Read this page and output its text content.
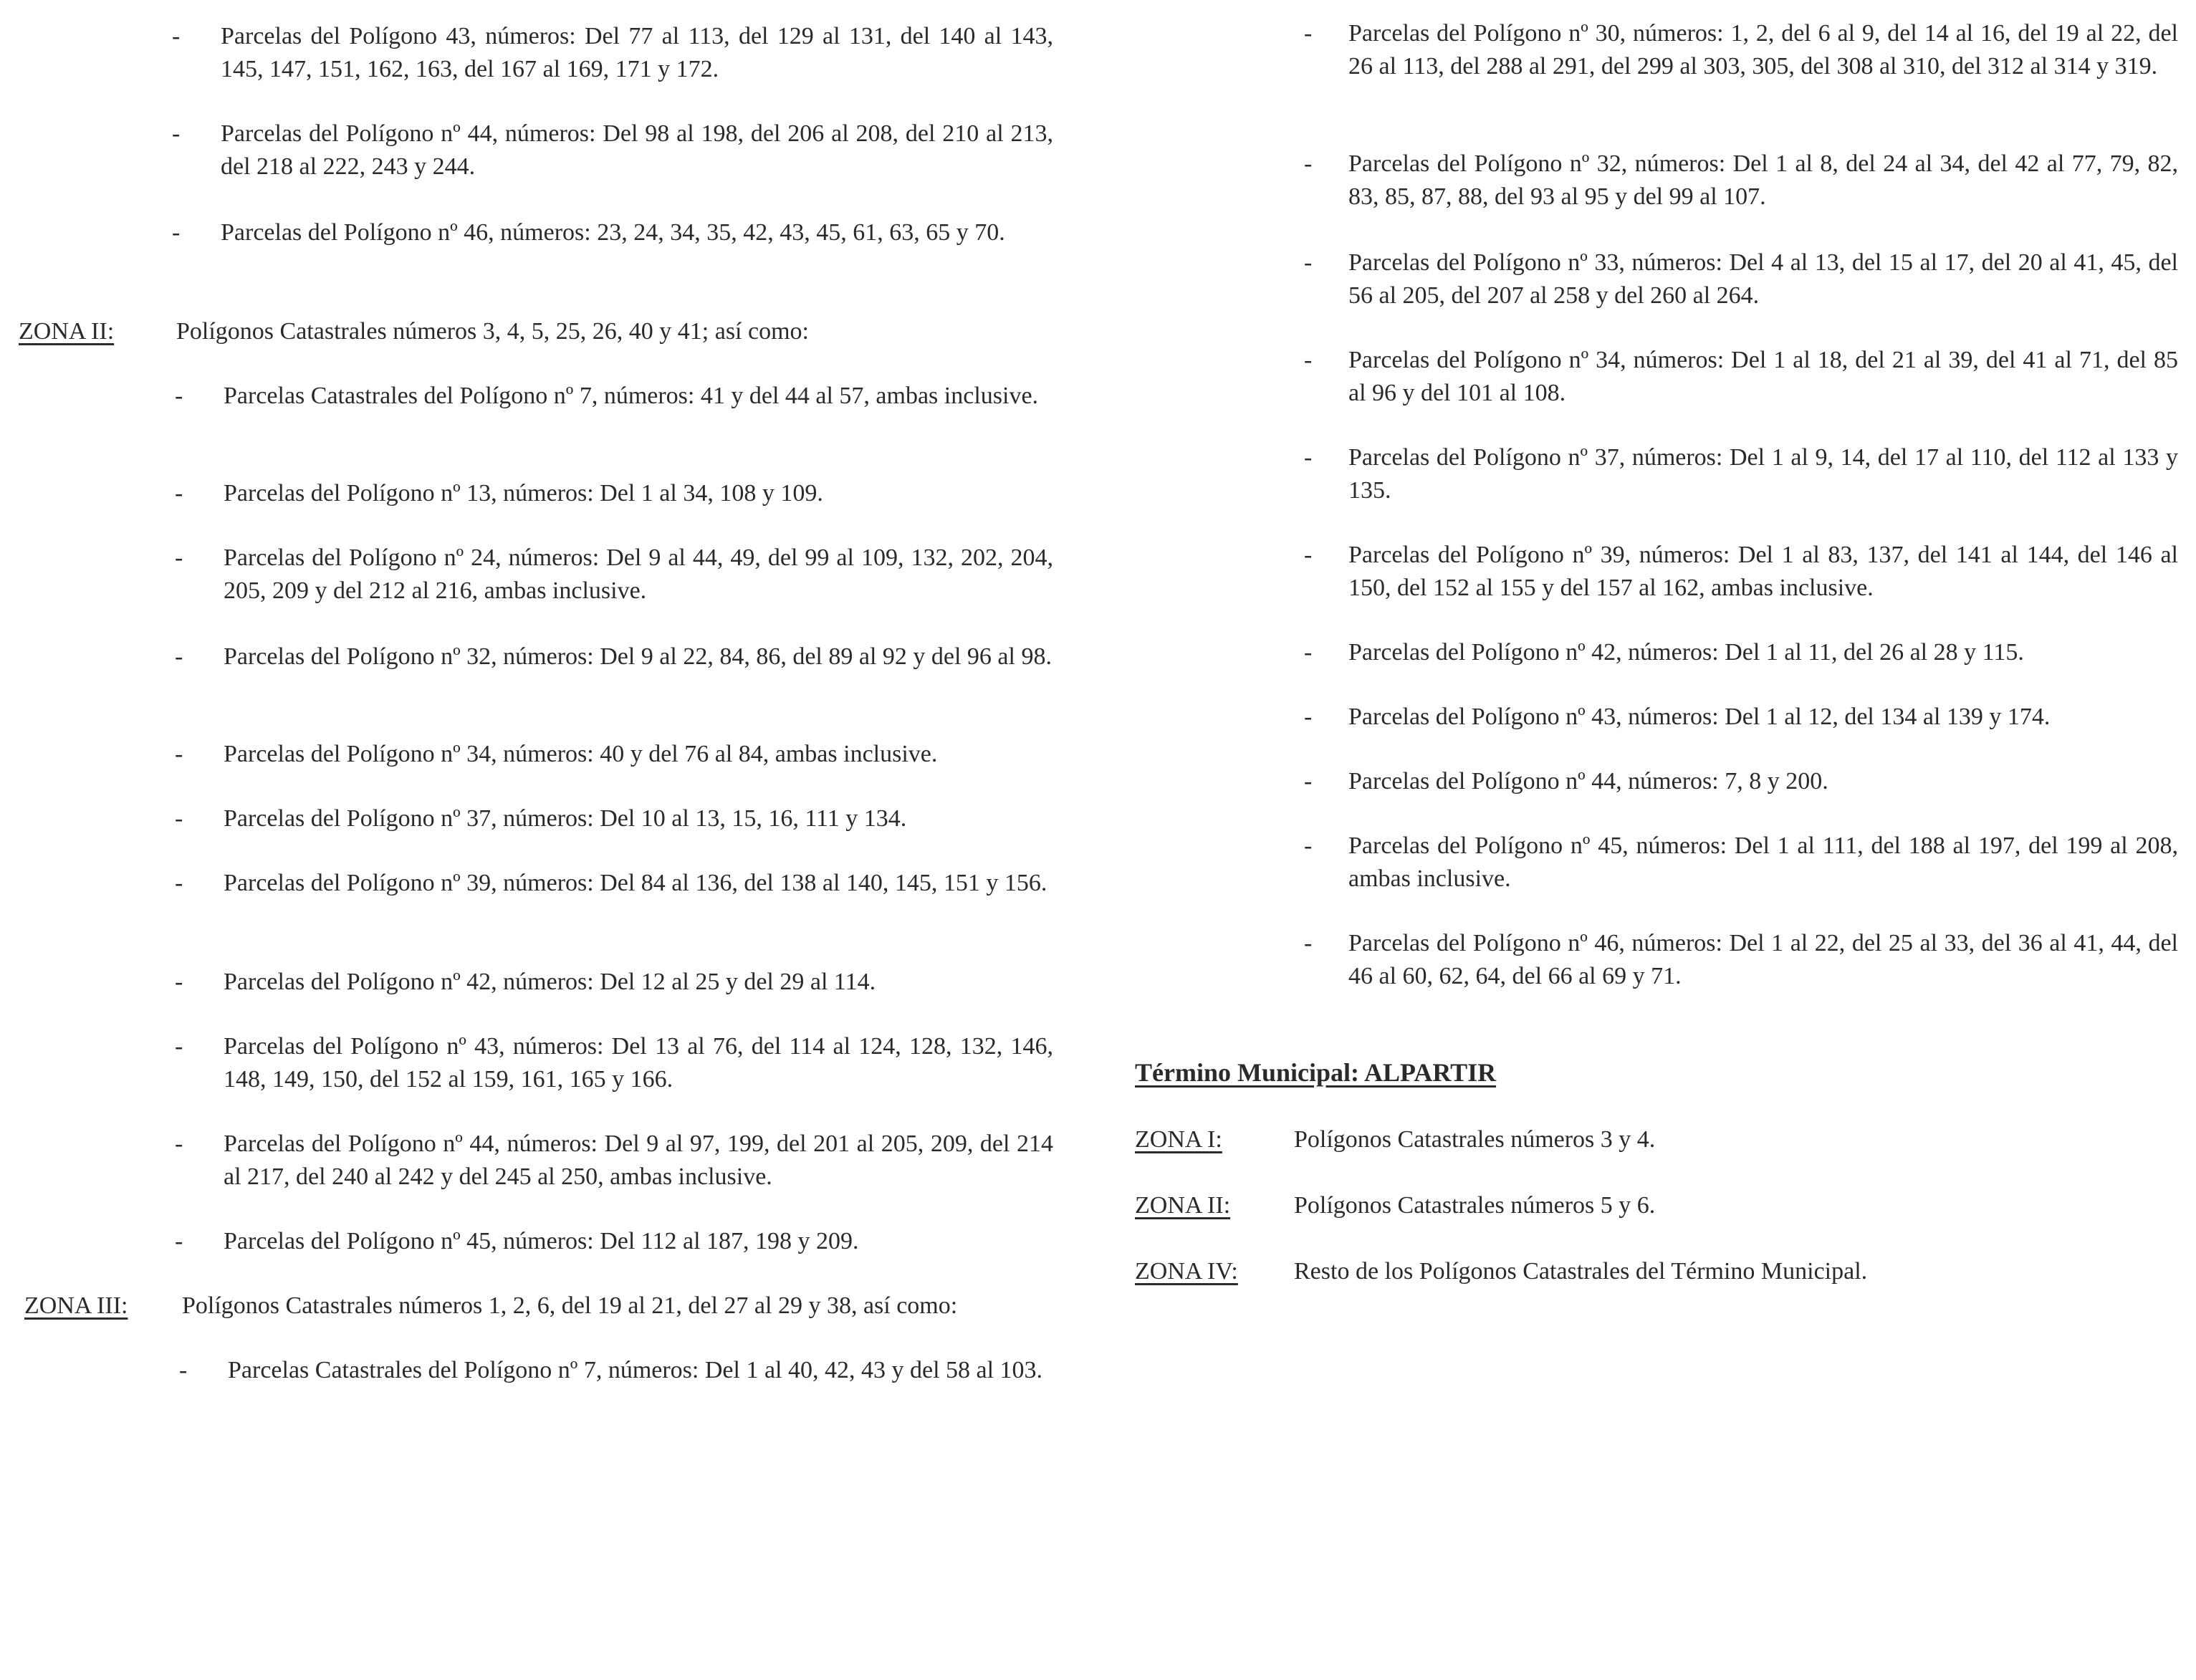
- Parcelas del Polígono 43, números: Del 77 al 113, del 129 al 131, del 140 al 143, 145, 147, 151, 162, 163, del 167 al 169, 171 y 172.
- Parcelas del Polígono nº 44, números: Del 98 al 198, del 206 al 208, del 210 al 213, del 218 al 222, 243 y 244.
- Parcelas del Polígono nº 46, números: 23, 24, 34, 35, 42, 43, 45, 61, 63, 65 y 70.
ZONA II:	Polígonos Catastrales números 3, 4, 5, 25, 26, 40 y 41; así como:
- Parcelas Catastrales del Polígono nº 7, números: 41 y del 44 al 57, ambas inclusive.
- Parcelas del Polígono nº 13, números: Del 1 al 34, 108 y 109.
- Parcelas del Polígono nº 24, números: Del 9 al 44, 49, del 99 al 109, 132, 202, 204, 205, 209 y del 212 al 216, ambas inclusive.
- Parcelas del Polígono nº 32, números: Del 9 al 22, 84, 86, del 89 al 92 y del 96 al 98.
- Parcelas del Polígono nº 34, números: 40 y del 76 al 84, ambas inclusive.
- Parcelas del Polígono nº 37, números: Del 10 al 13, 15, 16, 111 y 134.
- Parcelas del Polígono nº 39, números: Del 84 al 136, del 138 al 140, 145, 151 y 156.
- Parcelas del Polígono nº 42, números: Del 12 al 25 y del 29 al 114.
- Parcelas del Polígono nº 43, números: Del 13 al 76, del 114 al 124, 128, 132, 146, 148, 149, 150, del 152 al 159, 161, 165 y 166.
- Parcelas del Polígono nº 44, números: Del 9 al 97, 199, del 201 al 205, 209, del 214 al 217, del 240 al 242 y del 245 al 250, ambas inclusive.
- Parcelas del Polígono nº 45, números: Del 112 al 187, 198 y 209.
ZONA III: Polígonos Catastrales números 1, 2, 6, del 19 al 21, del 27 al 29 y 38, así como:
- Parcelas Catastrales del Polígono nº 7, números: Del 1 al 40, 42, 43 y del 58 al 103.
- Parcelas del Polígono nº 30, números: 1, 2, del 6 al 9, del 14 al 16, del 19 al 22, del 26 al 113, del 288 al 291, del 299 al 303, 305, del 308 al 310, del 312 al 314 y 319.
- Parcelas del Polígono nº 32, números: Del 1 al 8, del 24 al 34, del 42 al 77, 79, 82, 83, 85, 87, 88, del 93 al 95 y del 99 al 107.
- Parcelas del Polígono nº 33, números: Del 4 al 13, del 15 al 17, del 20 al 41, 45, del 56 al 205, del 207 al 258 y del 260 al 264.
- Parcelas del Polígono nº 34, números: Del 1 al 18, del 21 al 39, del 41 al 71, del 85 al 96 y del 101 al 108.
- Parcelas del Polígono nº 37, números: Del 1 al 9, 14, del 17 al 110, del 112 al 133 y 135.
- Parcelas del Polígono nº 39, números: Del 1 al 83, 137, del 141 al 144, del 146 al 150, del 152 al 155 y del 157 al 162, ambas inclusive.
- Parcelas del Polígono nº 42, números: Del 1 al 11, del 26 al 28 y 115.
- Parcelas del Polígono nº 43, números: Del 1 al 12, del 134 al 139 y 174.
- Parcelas del Polígono nº 44, números: 7, 8 y 200.
- Parcelas del Polígono nº 45, números: Del 1 al 111, del 188 al 197, del 199 al 208, ambas inclusive.
- Parcelas del Polígono nº 46, números: Del 1 al 22, del 25 al 33, del 36 al 41, 44, del 46 al 60, 62, 64, del 66 al 69 y 71.
Término Municipal: ALPARTIR
ZONA I:	Polígonos Catastrales números 3 y 4.
ZONA II:	Polígonos Catastrales números 5 y 6.
ZONA IV: Resto de los Polígonos Catastrales del Término Municipal.
